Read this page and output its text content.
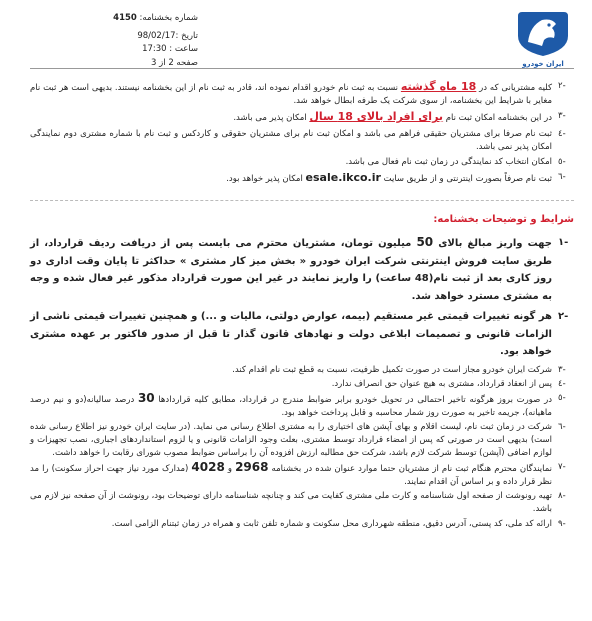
شماره بخشنامه: 4150
تاریخ :98/02/17
ساعت : 17:30
صفحه 2 از 3	ایران خودرو
-٢
کلیه مشتریانی که در 18 ماه گذشته نسبت به ثبت نام خودرو اقدام نموده اند، قادر به ثبت نام از این بخشنامه نیستند. بدیهی است هر ثبت نام مغایر با شرایط این بخشنامه، از سوی شرکت یک طرفه ابطال خواهد شد.
-٣
در این بخشنامه امکان ثبت نام برای افراد بالای 18 سال امکان پذیر می باشد.
-٤
ثبت نام صرفا برای مشتریان حقیقی فراهم می باشد و امکان ثبت نام برای مشتریان حقوقی و کاردکس و ثبت نام با شماره مشتری دوم نمایندگی امکان پذیر نمی باشد.
-٥
امکان انتخاب کد نمایندگی در زمان ثبت نام فعال می باشد.
-٦
ثبت نام صرفاً بصورت اینترنتی و از طریق سایت esale.ikco.ir امکان پذیر خواهد بود.
شرایط و توضیحات بخشنامه:
-١
جهت واریز مبالغ بالای 50 میلیون تومان، مشتریان محترم می بایست پس از دریافت ردیف قرارداد، از طریق سایت فروش اینترنتی شرکت ایران خودرو « بخش میز کار مشتری » حداکثر تا پایان وقت اداری دو روز کاری بعد از ثبت نام(48 ساعت) را واریز نمایند در غیر این صورت قرارداد مذکور غیر فعال شده و وجه به مشتری مسترد خواهد شد.
-٢
هر گونه تغییرات قیمتی غیر مستقیم (بیمه، عوارض دولتی، مالیات و ...) و همچنین تغییرات قیمتی ناشی از الزامات قانونی و تصمیمات ابلاغی دولت و نهادهای قانون گذار تا قبل از صدور فاکتور بر عهده مشتری خواهد بود.
-٣
شرکت ایران خودرو مجاز است در صورت تکمیل ظرفیت، نسبت به قطع ثبت نام اقدام کند.
-٤
پس از انعقاد قرارداد، مشتری به هیچ عنوان حق انصراف ندارد.
-٥
در صورت بروز هرگونه تاخیر احتمالی در تحویل خودرو برابر ضوابط مندرج در قرارداد، مطابق کلیه قراردادها 30 درصد سالیانه(دو و نیم درصد ماهیانه)، جریمه تاخیر به صورت روز شمار محاسبه و قابل پرداخت خواهد بود.
-٦
شرکت در زمان ثبت نام، لیست اقلام و بهای آپشن های اختیاری را به مشتری اطلاع رسانی می نماید. (در سایت ایران خودرو نیز اطلاع رسانی شده است) بدیهی است در صورتی که پس از امضاء قرارداد توسط مشتری، بعلت وجود الزامات قانونی و یا لزوم استانداردهای اجباری، نصب تجهیزات و لوازم اضافی (آپشن) توسط شرکت لازم باشد، شرکت حق مطالبه ارزش افزوده آن را براساس ضوابط مصوب شورای رقابت را خواهد داشت.
-٧
نمایندگان محترم هنگام ثبت نام از مشتریان حتما موارد عنوان شده در بخشنامه 2968 و 4028 (مدارک مورد نیاز جهت احراز سکونت) را مد نظر قرار داده و بر اساس آن اقدام نمایند.
-٨
تهیه رونوشت از صفحه اول شناسنامه و کارت ملی مشتری کفایت می کند و چنانچه شناسنامه دارای توضیحات بود، رونوشت از آن صفحه نیز لازم می باشد.
-٩
ارائه کد ملی، کد پستی، آدرس دقیق، منطقه شهرداری محل سکونت و شماره تلفن ثابت و همراه در زمان ثبتنام الزامی است.
